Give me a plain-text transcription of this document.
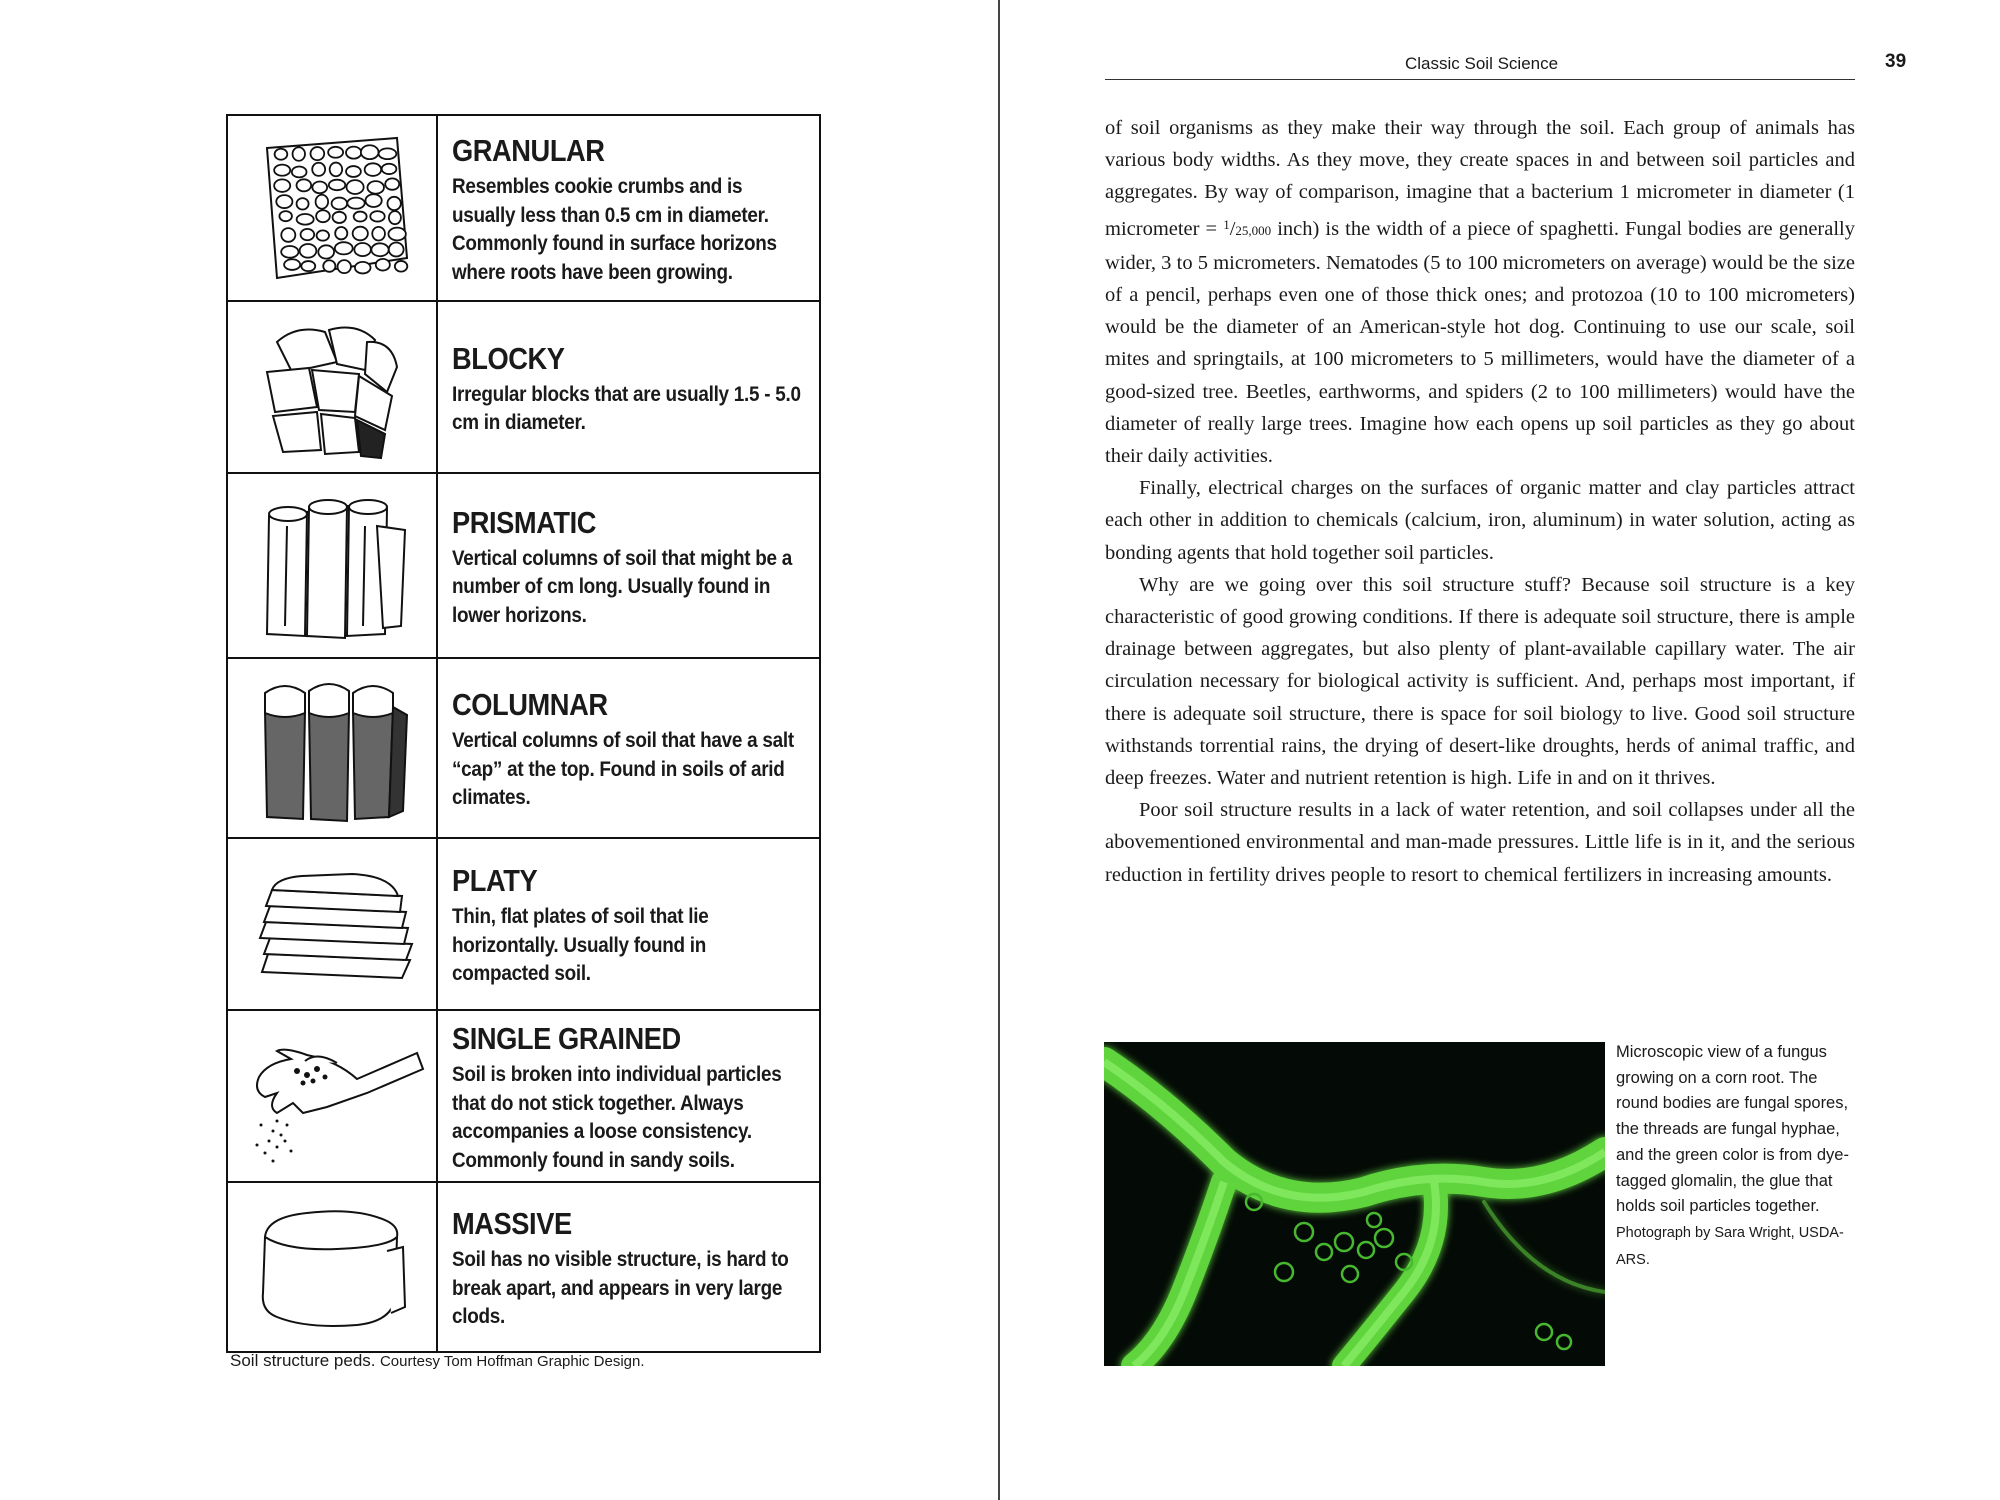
GRANULAR
Resembles cookie crumbs and is usually less than 0.5 cm in diameter. Commonly found in surface horizons where roots have been growing.
BLOCKY
Irregular blocks that are usually 1.5 - 5.0 cm in diameter.
PRISMATIC
Vertical columns of soil that might be a number of cm long. Usually found in lower horizons.
COLUMNAR
Vertical columns of soil that have a salt “cap” at the top. Found in soils of arid climates.
PLATY
Thin, flat plates of soil that lie horizontally. Usually found in compacted soil.
SINGLE GRAINED
Soil is broken into individual particles that do not stick together. Always accompanies a loose consistency. Commonly found in sandy soils.
MASSIVE
Soil has no visible structure, is hard to break apart, and appears in very large clods.
Soil structure peds. Courtesy Tom Hoffman Graphic Design.
Classic Soil Science	39

of soil organisms as they make their way through the soil. Each group of animals has various body widths. As they move, they create spaces in and between soil particles and aggregates. By way of comparison, imagine that a bacterium 1 micrometer in diameter (1 micrometer = $^1$/25,000 inch) is the width of a piece of spaghetti. Fungal bodies are generally wider, 3 to 5 micrometers. Nematodes (5 to 100 micrometers on average) would be the size of a pencil, perhaps even one of those thick ones; and protozoa (10 to 100 micrometers) would be the diameter of an American-style hot dog. Continuing to use our scale, soil mites and springtails, at 100 micrometers to 5 millimeters, would have the diameter of a good-sized tree. Beetles, earthworms, and spiders (2 to 100 millimeters) would have the diameter of really large trees. Imagine how each opens up soil particles as they go about their daily activities.

Finally, electrical charges on the surfaces of organic matter and clay particles attract each other in addition to chemicals (calcium, iron, aluminum) in water solution, acting as bonding agents that hold together soil particles.

Why are we going over this soil structure stuff? Because soil structure is a key characteristic of good growing conditions. If there is adequate soil structure, there is ample drainage between aggregates, but also plenty of plant-available capillary water. The air circulation necessary for biological activity is sufficient. And, perhaps most important, if there is adequate soil structure, there is space for soil biology to live. Good soil structure withstands torrential rains, the drying of desert-like droughts, herds of animal traffic, and deep freezes. Water and nutrient retention is high. Life in and on it thrives.

Poor soil structure results in a lack of water retention, and soil collapses under all the abovementioned environmental and man-made pressures. Little life is in it, and the serious reduction in fertility drives people to resort to chemical fertilizers in increasing amounts.

Microscopic view of a fungus growing on a corn root. The round bodies are fungal spores, the threads are fungal hyphae, and the green color is from dye-tagged glomalin, the glue that holds soil particles together. Photograph by Sara Wright, USDA-ARS.
